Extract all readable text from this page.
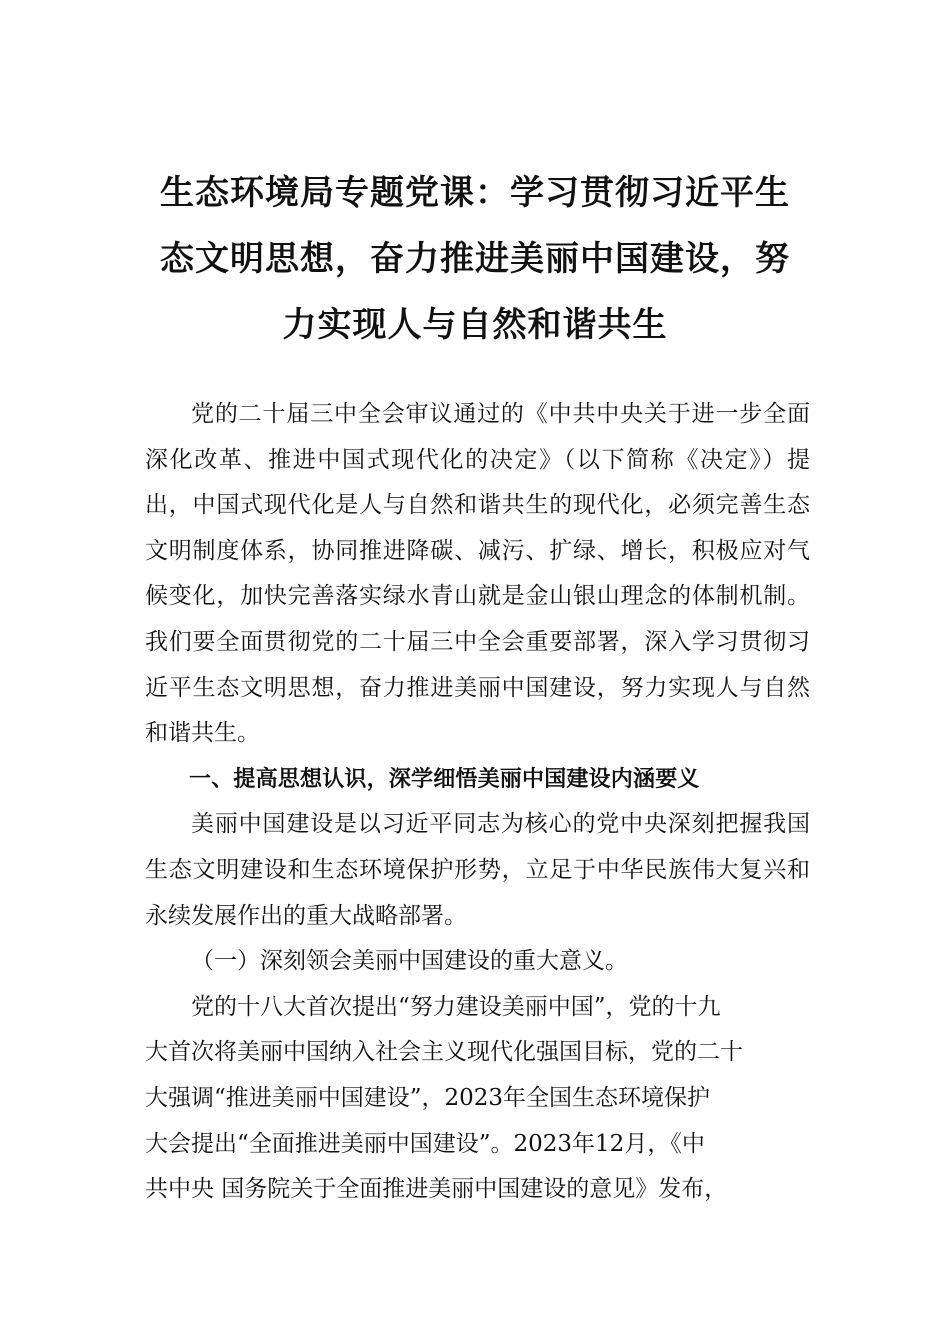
生态环境局专题党课：学习贯彻习近平生
态文明思想，奋力推进美丽中国建设，努
力实现人与自然和谐共生

党的二十届三中全会审议通过的《中共中央关于进一步全面深化改革、推进中国式现代化的决定》（以下简称《决定》）提出，中国式现代化是人与自然和谐共生的现代化，必须完善生态文明制度体系，协同推进降碳、减污、扩绿、增长，积极应对气候变化，加快完善落实绿水青山就是金山银山理念的体制机制。我们要全面贯彻党的二十届三中全会重要部署，深入学习贯彻习近平生态文明思想，奋力推进美丽中国建设，努力实现人与自然和谐共生。

一、提高思想认识，深学细悟美丽中国建设内涵要义

美丽中国建设是以习近平同志为核心的党中央深刻把握我国生态文明建设和生态环境保护形势，立足于中华民族伟大复兴和永续发展作出的重大战略部署。

（一）深刻领会美丽中国建设的重大意义。

党的十八大首次提出“努力建设美丽中国”，党的十九
大首次将美丽中国纳入社会主义现代化强国目标，党的二十
大强调“推进美丽中国建设”，2023年全国生态环境保护
大会提出“全面推进美丽中国建设”。2023年12月，《中
共中央 国务院关于全面推进美丽中国建设的意见》发布，
